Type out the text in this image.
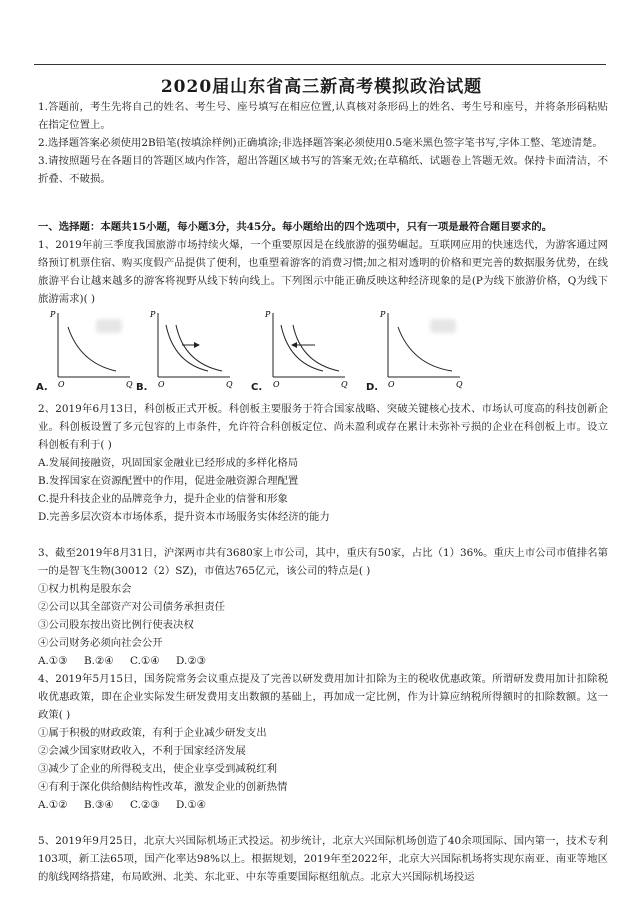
2020届山东省高三新高考模拟政治试题

1.答题前，考生先将自己的姓名、考生号、座号填写在相应位置,认真核对条形码上的姓名、考生号和座号，并将条形码粘贴在指定位置上。

2.选择题答案必须使用2B铅笔(按填涂样例)正确填涂;非选择题答案必须使用0.5毫米黑色签字笔书写,字体工整、笔迹清楚。

3.请按照题号在各题目的答题区域内作答，超出答题区域书写的答案无效;在草稿纸、试题卷上答题无效。保持卡面清洁，不折叠、不破损。

一、选择题：本题共15小题，每小题3分，共45分。每小题给出的四个选项中，只有一项是最符合题目要求的。

1、2019年前三季度我国旅游市场持续火爆，一个重要原因是在线旅游的强势崛起。互联网应用的快速迭代，为游客通过网络预订机票住宿、购买度假产品提供了便利，也重塑着游客的消费习惯;加之相对透明的价格和更完善的数据服务优势，在线旅游平台让越来越多的游客将视野从线下转向线上。下列图示中能正确反映这种经济现象的是(P为线下旅游价格，Q为线下旅游需求)( )

P
O	Q
A.
P
O	Q
B.
P
O	Q
C.
P
O	Q
D.

2、2019年6月13日，科创板正式开板。科创板主要服务于符合国家战略、突破关键核心技术、市场认可度高的科技创新企业。科创板设置了多元包容的上市条件，允许符合科创板定位、尚未盈利或存在累计未弥补亏损的企业在科创板上市。设立科创板有利于( )

A.发展间接融资，巩固国家金融业已经形成的多样化格局

B.发挥国家在资源配置中的作用，促进金融资源合理配置

C.提升科技企业的品牌竞争力，提升企业的信誉和形象

D.完善多层次资本市场体系，提升资本市场服务实体经济的能力

3、截至2019年8月31日，沪深两市共有3680家上市公司，其中，重庆有50家，占比（1）36%。重庆上市公司市值排名第一的是智飞生物(30012（2）SZ)，市值达765亿元，该公司的特点是( )

①权力机构是股东会

②公司以其全部资产对公司债务承担责任

③公司股东按出资比例行使表决权

④公司财务必须向社会公开

A.①③     B.②④     C.①④     D.②③

4、2019年5月15日，国务院常务会议重点提及了完善以研发费用加计扣除为主的税收优惠政策。所谓研发费用加计扣除税收优惠政策，即在企业实际发生研发费用支出数额的基础上，再加成一定比例，作为计算应纳税所得额时的扣除数额。这一政策( )

①属于积极的财政政策，有利于企业减少研发支出

②会减少国家财政收入，不利于国家经济发展

③减少了企业的所得税支出，使企业享受到减税红利

④有利于深化供给侧结构性改革，激发企业的创新热情

A.①②     B.③④     C.②③     D.①④

5、2019年9月25日，北京大兴国际机场正式投运。初步统计，北京大兴国际机场创造了40余项国际、国内第一，技术专利103项，新工法65项，国产化率达98%以上。根据规划，2019年至2022年，北京大兴国际机场将实现东南亚、南亚等地区的航线网络搭建，布局欧洲、北美、东北亚、中东等重要国际枢纽航点。北京大兴国际机场投运
